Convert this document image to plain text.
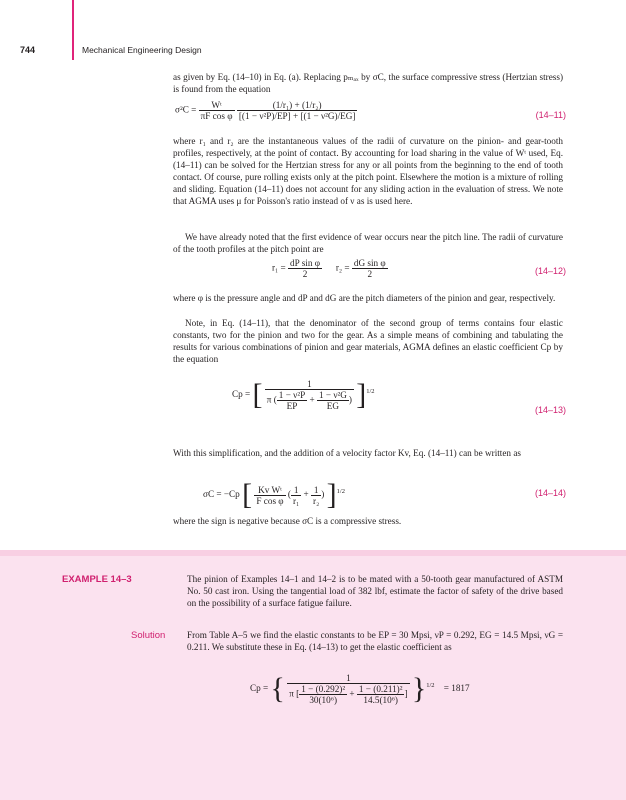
744	Mechanical Engineering Design
as given by Eq. (14–10) in Eq. (a). Replacing pₘₐₓ by σC, the surface compressive stress (Hertzian stress) is found from the equation
$\sigma^2C = \frac{\text{Wᵗ}}{\text{πF cos φ}}$
$\frac{\text{(1/r₁) + (1/r₂)}}{\text{[(1 − ν²P)/EP] + [(1 − ν²G)/EG]}}$	(14–11)
where r₁ and r₂ are the instantaneous values of the radii of curvature on the pinion- and gear-tooth profiles, respectively, at the point of contact. By accounting for load sharing in the value of Wᵗ used, Eq. (14–11) can be solved for the Hertzian stress for any or all points from the beginning to the end of tooth contact. Of course, pure rolling exists only at the pitch point. Elsewhere the motion is a mixture of rolling and sliding. Equation (14–11) does not account for any sliding action in the evaluation of stress. We note that AGMA uses μ for Poisson's ratio instead of ν as is used here.
We have already noted that the first evidence of wear occurs near the pitch line. The radii of curvature of the tooth profiles at the pitch point are
$r_1 = \frac{\text{dP sin φ}}{2} r_2 = \frac{\text{dG sin φ}}{2}$	(14–12)
where φ is the pressure angle and dP and dG are the pitch diameters of the pinion and gear, respectively.
Note, in Eq. (14–11), that the denominator of the second group of terms contains four elastic constants, two for the pinion and two for the gear. As a simple means of combining and tabulating the results for various combinations of pinion and gear materials, AGMA defines an elastic coefficient Cp by the equation
Cp = [ $\frac{1}{\pi ( \frac{\text{1 − ν²P}}{EP} + \frac{\text{1 − ν²G}}{EG} )} ]^{1/2}$
(14–13)
With this simplification, and the addition of a velocity factor Kv, Eq. (14–11) can be written as
σC = −Cp [ $\frac{\text{Kv Wᵗ}}{\text{F cos φ}}$ ( $\frac{1}{\text{r₁}} + \frac{1}{\text{r₂}}$ ) ]$^{1/2}$	(14–14)
where the sign is negative because σC is a compressive stress.
EXAMPLE 14–3	The pinion of Examples 14–1 and 14–2 is to be mated with a 50-tooth gear manufactured of ASTM No. 50 cast iron. Using the tangential load of 382 lbf, estimate the factor of safety of the drive based on the possibility of a surface fatigue failure.
Solution From Table A–5 we find the elastic constants to be EP = 30 Mpsi, νP = 0.292, EG = 14.5 Mpsi, νG = 0.211. We substitute these in Eq. (14–13) to get the elastic coefficient as
Cp = { $\frac{1}{\pi [ \frac{\text{1 − (0.292)²}}{\text{30(10⁶)}} + \frac{\text{1 − (0.211)²}}{\text{14.5(10⁶)}} ]} \}^{1/2} = 1817$
